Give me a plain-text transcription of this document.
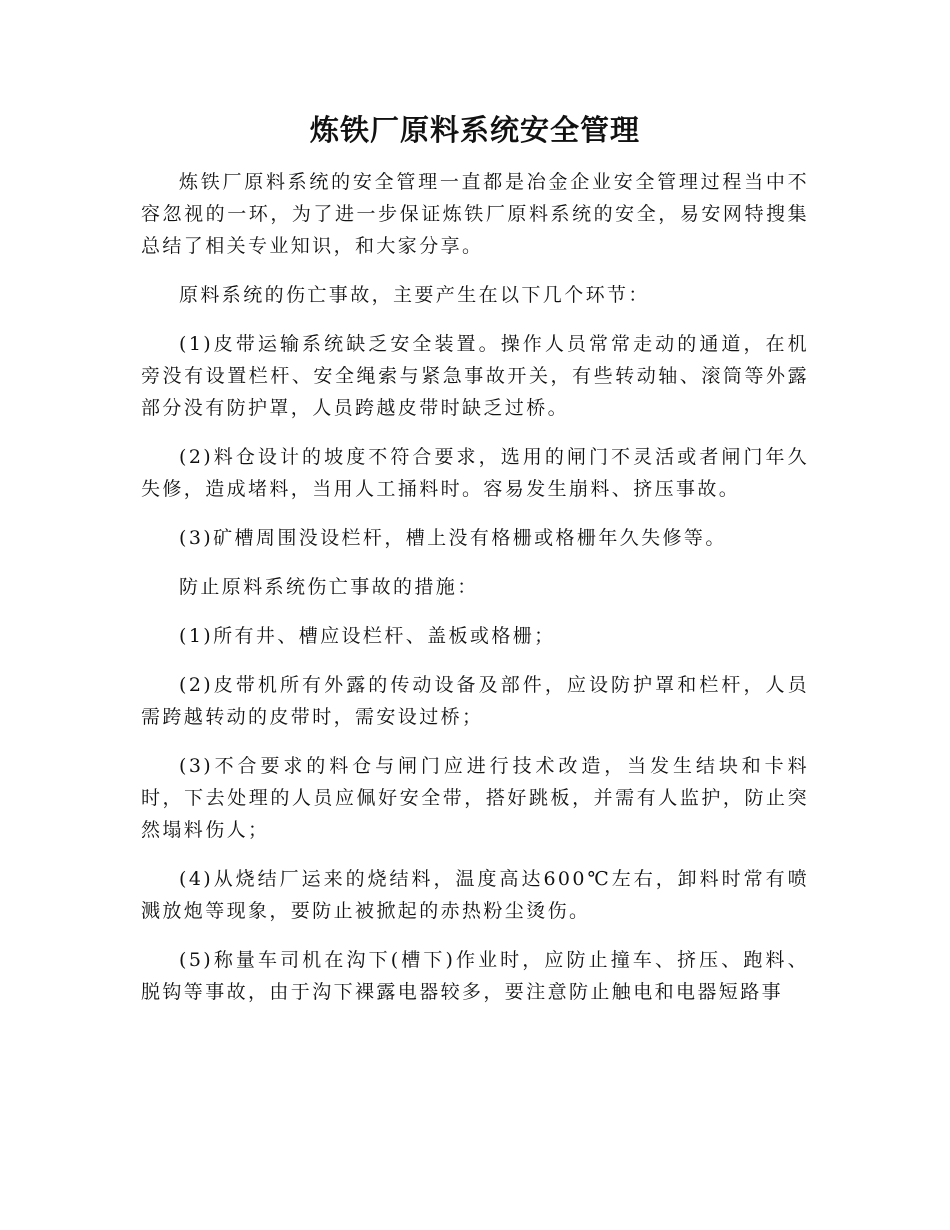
炼铁厂原料系统安全管理

炼铁厂原料系统的安全管理一直都是冶金企业安全管理过程当中不容忽视的一环，为了进一步保证炼铁厂原料系统的安全，易安网特搜集总结了相关专业知识，和大家分享。

原料系统的伤亡事故，主要产生在以下几个环节：

(1)皮带运输系统缺乏安全装置。操作人员常常走动的通道，在机旁没有设置栏杆、安全绳索与紧急事故开关，有些转动轴、滚筒等外露部分没有防护罩，人员跨越皮带时缺乏过桥。

(2)料仓设计的坡度不符合要求，选用的闸门不灵活或者闸门年久失修，造成堵料，当用人工捅料时。容易发生崩料、挤压事故。

(3)矿槽周围没设栏杆，槽上没有格栅或格栅年久失修等。

防止原料系统伤亡事故的措施：

(1)所有井、槽应设栏杆、盖板或格栅；

(2)皮带机所有外露的传动设备及部件，应设防护罩和栏杆，人员需跨越转动的皮带时，需安设过桥；

(3)不合要求的料仓与闸门应进行技术改造，当发生结块和卡料时，下去处理的人员应佩好安全带，搭好跳板，并需有人监护，防止突然塌料伤人；

(4)从烧结厂运来的烧结料，温度高达600℃左右，卸料时常有喷溅放炮等现象，要防止被掀起的赤热粉尘烫伤。

(5)称量车司机在沟下(槽下)作业时，应防止撞车、挤压、跑料、脱钩等事故，由于沟下裸露电器较多，要注意防止触电和电器短路事
